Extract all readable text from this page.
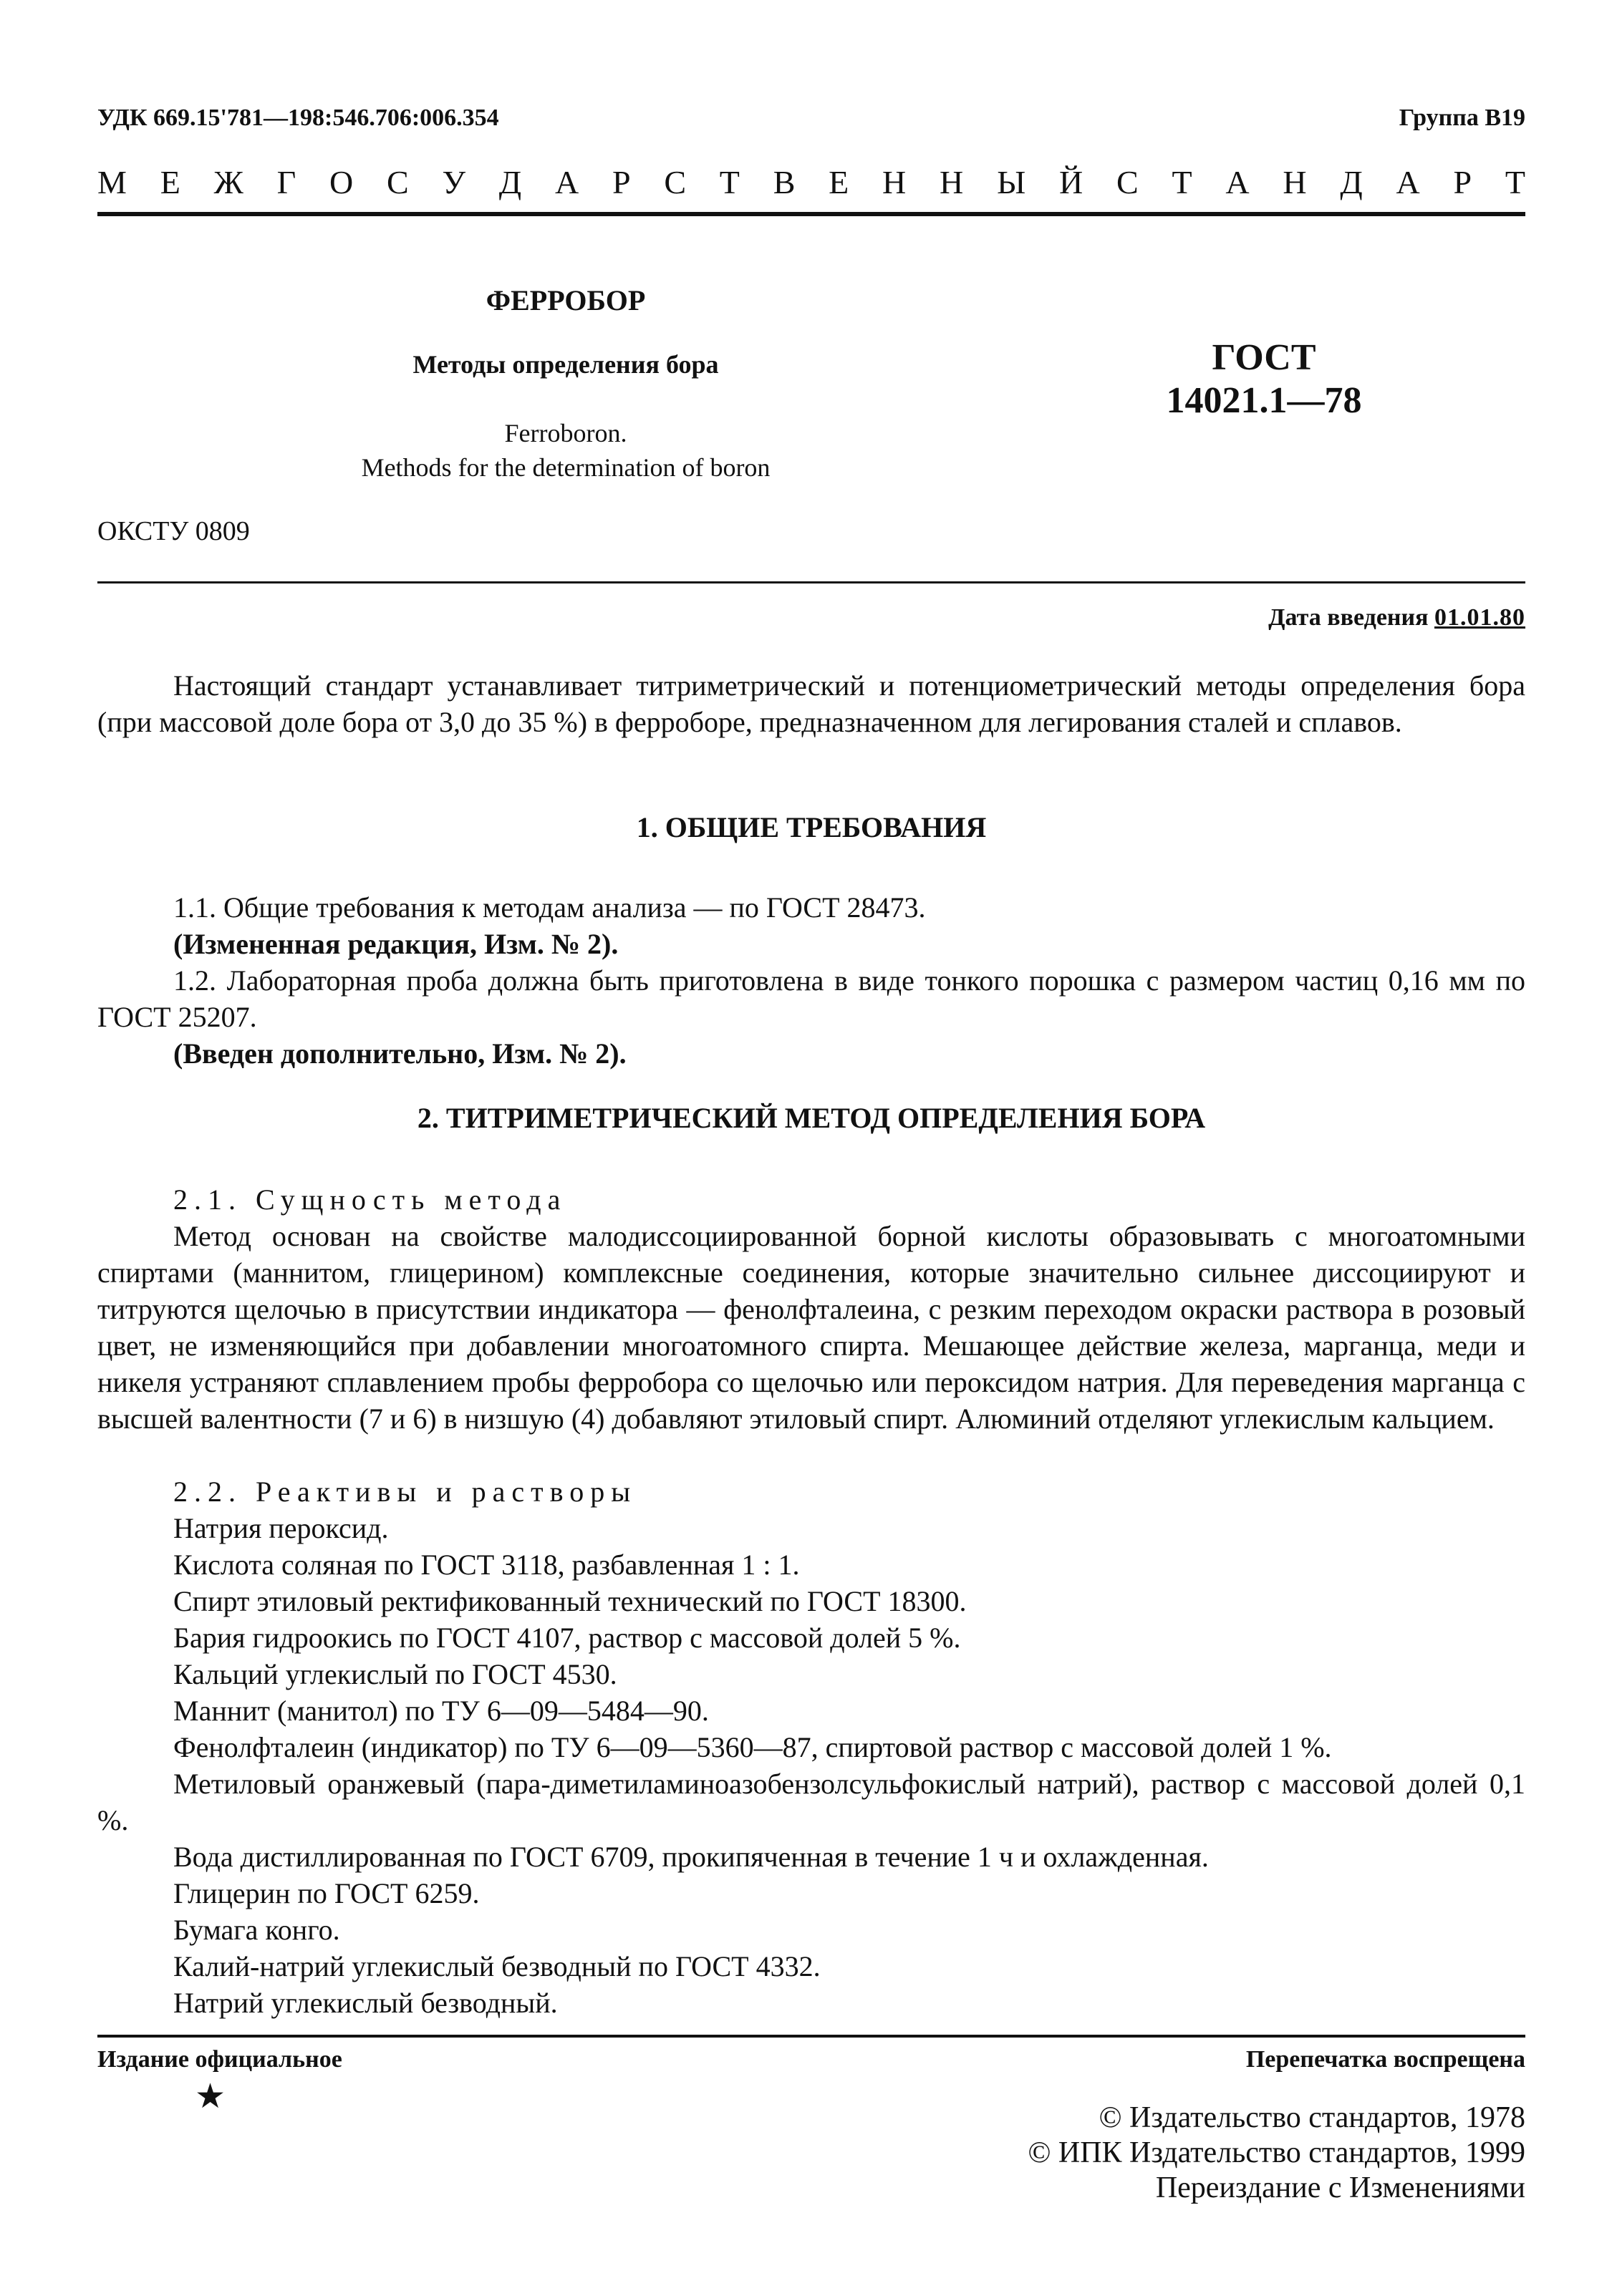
УДК 669.15'781—198:546.706:006.354	Группа В19
М Е Ж Г О С У Д А Р С Т В Е Н Н Ы Й С Т А Н Д А Р Т
ФЕРРОБОР
Методы определения бора
Ferroboron.
Methods for the determination of boron
ГОСТ
14021.1—78
ОКСТУ 0809
Дата введения 01.01.80
Настоящий стандарт устанавливает титриметрический и потенциометрический методы определения бора (при массовой доле бора от 3,0 до 35 %) в ферроборе, предназначенном для легирования сталей и сплавов.
1. ОБЩИЕ ТРЕБОВАНИЯ
1.1. Общие требования к методам анализа — по ГОСТ 28473.
(Измененная редакция, Изм. № 2).
1.2. Лабораторная проба должна быть приготовлена в виде тонкого порошка с размером частиц 0,16 мм по ГОСТ 25207.
(Введен дополнительно, Изм. № 2).
2. ТИТРИМЕТРИЧЕСКИЙ МЕТОД ОПРЕДЕЛЕНИЯ БОРА
2.1. Сущность метода
Метод основан на свойстве малодиссоциированной борной кислоты образовывать с многоатомными спиртами (маннитом, глицерином) комплексные соединения, которые значительно сильнее диссоциируют и титруются щелочью в присутствии индикатора — фенолфталеина, с резким переходом окраски раствора в розовый цвет, не изменяющийся при добавлении многоатомного спирта. Мешающее действие железа, марганца, меди и никеля устраняют сплавлением пробы ферробора со щелочью или пероксидом натрия. Для переведения марганца с высшей валентности (7 и 6) в низшую (4) добавляют этиловый спирт. Алюминий отделяют углекислым кальцием.
2.2. Реактивы и растворы
Натрия пероксид.
Кислота соляная по ГОСТ 3118, разбавленная 1 : 1.
Спирт этиловый ректификованный технический по ГОСТ 18300.
Бария гидроокись по ГОСТ 4107, раствор с массовой долей 5 %.
Кальций углекислый по ГОСТ 4530.
Маннит (манитол) по ТУ 6—09—5484—90.
Фенолфталеин (индикатор) по ТУ 6—09—5360—87, спиртовой раствор с массовой долей 1 %.
Метиловый оранжевый (пара-диметиламиноазобензолсульфокислый натрий), раствор с массовой долей 0,1 %.
Вода дистиллированная по ГОСТ 6709, прокипяченная в течение 1 ч и охлажденная.
Глицерин по ГОСТ 6259.
Бумага конго.
Калий-натрий углекислый безводный по ГОСТ 4332.
Натрий углекислый безводный.
Издание официальное	Перепечатка воспрещена
★
© Издательство стандартов, 1978
© ИПК Издательство стандартов, 1999
Переиздание с Изменениями
